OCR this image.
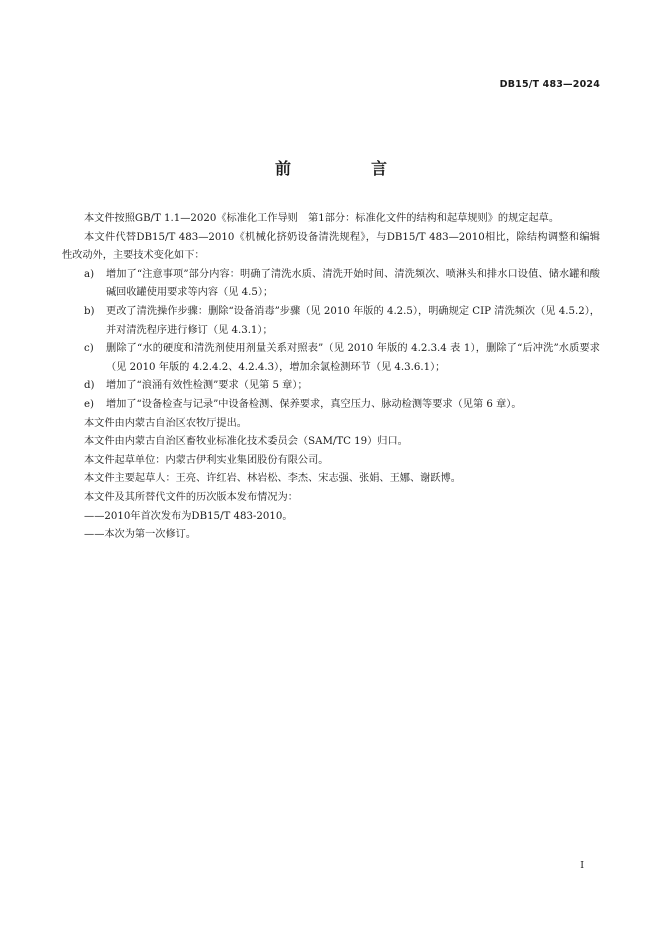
DB15/T 483—2024
前　言

本文件按照GB/T 1.1—2020《标准化工作导则　第1部分：标准化文件的结构和起草规则》的规定起草。

本文件代替DB15/T 483—2010《机械化挤奶设备清洗规程》，与DB15/T 483—2010相比，除结构调整和编辑性改动外，主要技术变化如下：

a)	增加了“注意事项”部分内容：明确了清洗水质、清洗开始时间、清洗频次、喷淋头和排水口设值、储水罐和酸碱回收罐使用要求等内容（见 4.5）；
b)	更改了清洗操作步骤：删除“设备消毒”步骤（见 2010 年版的 4.2.5），明确规定 CIP 清洗频次（见 4.5.2），并对清洗程序进行修订（见 4.3.1）；
c)	删除了“水的硬度和清洗剂使用剂量关系对照表”（见 2010 年版的 4.2.3.4 表 1），删除了“后冲洗”水质要求（见 2010 年版的 4.2.4.2、4.2.4.3），增加余氯检测环节（见 4.3.6.1）；
d)	增加了“浪涌有效性检测”要求（见第 5 章）；
e)	增加了“设备检查与记录”中设备检测、保养要求，真空压力、脉动检测等要求（见第 6 章）。

本文件由内蒙古自治区农牧厅提出。

本文件由内蒙古自治区畜牧业标准化技术委员会（SAM/TC 19）归口。

本文件起草单位：内蒙古伊利实业集团股份有限公司。

本文件主要起草人：王亮、许红岩、林岩松、李杰、宋志强、张娟、王娜、谢跃博。

本文件及其所替代文件的历次版本发布情况为：

——2010年首次发布为DB15/T 483-2010。

——本次为第一次修订。

I
